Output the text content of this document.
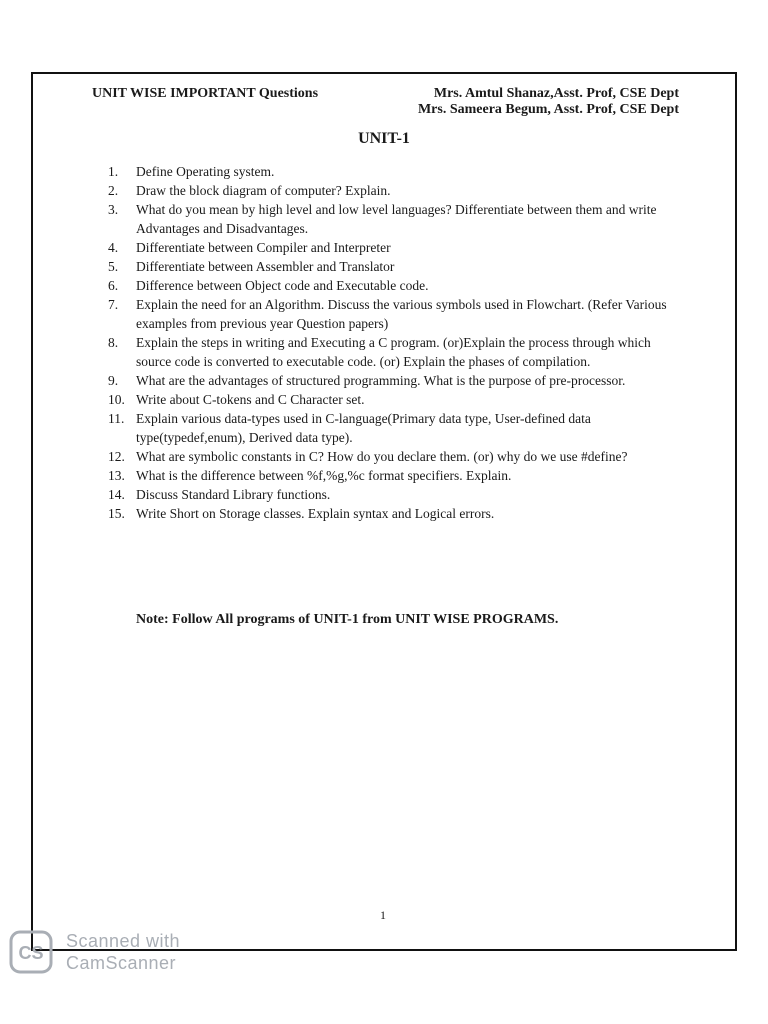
UNIT WISE IMPORTANT Questions	Mrs. Amtul Shanaz,Asst. Prof, CSE Dept
Mrs. Sameera Begum, Asst. Prof, CSE Dept
UNIT-1
1.	Define Operating system.
2.	Draw the block diagram of computer? Explain.
3.	What do you mean by high level and low level languages? Differentiate between them and write Advantages and Disadvantages.
4.	Differentiate between Compiler and Interpreter
5.	Differentiate between Assembler and Translator
6.	Difference between Object code and Executable code.
7.	Explain the need for an Algorithm. Discuss the various symbols used in Flowchart. (Refer Various examples from previous year Question papers)
8.	Explain the steps in writing and Executing a C program. (or)Explain the process through which source code is converted to executable code. (or) Explain the phases of compilation.
9.	What are the advantages of structured programming. What is the purpose of pre-processor.
10. Write about C-tokens and C Character set.
11. Explain various data-types used in C-language(Primary data type, User-defined data type(typedef,enum), Derived data type).
12. What are symbolic constants in C? How do you declare them. (or) why do we use #define?
13. What is the difference between %f,%g,%c format specifiers. Explain.
14. Discuss Standard Library functions.
15. Write Short on Storage classes. Explain syntax and Logical errors.
Note: Follow All programs of UNIT-1 from UNIT WISE PROGRAMS.
1
CS
Scanned with
CamScanner
